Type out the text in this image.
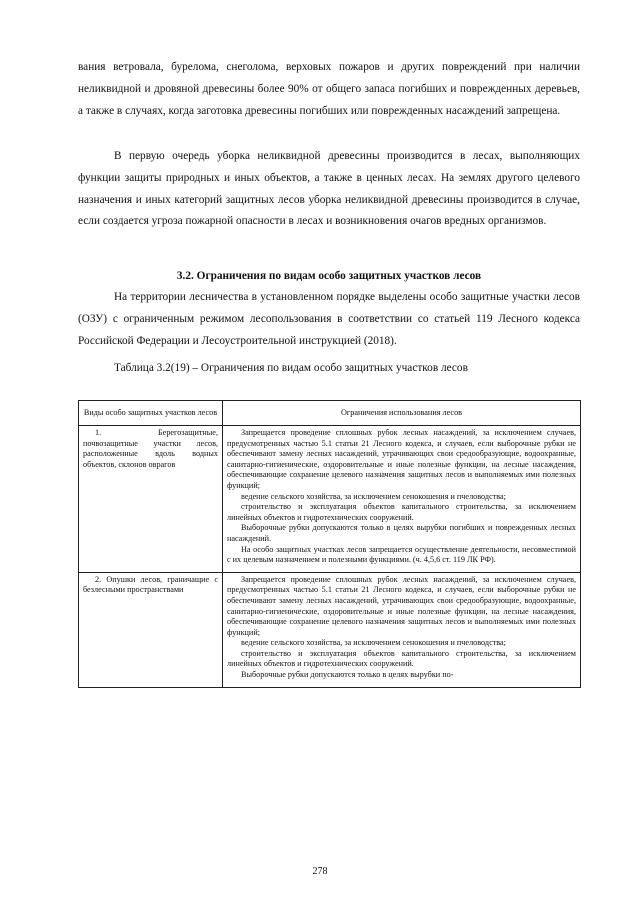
вания ветровала, бурелома, снеголома, верховых пожаров и других повреждений при наличии неликвидной и дровяной древесины более 90% от общего запаса погибших и поврежденных деревьев, а также в случаях, когда заготовка древесины погибших или поврежденных насаждений запрещена.
В первую очередь уборка неликвидной древесины производится в лесах, выполняющих функции защиты природных и иных объектов, а также в ценных лесах. На землях другого целевого назначения и иных категорий защитных лесов уборка неликвидной древесины производится в случае, если создается угроза пожарной опасности в лесах и возникновения очагов вредных организмов.
3.2. Ограничения по видам особо защитных участков лесов
На территории лесничества в установленном порядке выделены особо защитные участки лесов (ОЗУ) с ограниченным режимом лесопользования в соответствии со статьей 119 Лесного кодекса Российской Федерации и Лесоустроительной инструкцией (2018).
Таблица 3.2(19) – Ограничения по видам особо защитных участков лесов
Виды особо защитных участков лесов	Ограничения использования лесов
1. Берегозащитные, почвозащитные участки лесов, расположенные вдоль водных объектов, склонов оврагов	Запрещается проведение сплошных рубок лесных насаждений, за исключением случаев, предусмотренных частью 5.1 статьи 21 Лесного кодекса, и случаев, если выборочные рубки не обеспечивают замену лесных насаждений, утрачивающих свои средообразующие, водоохранные, санитарно-гигиенические, оздоровительные и иные полезные функции, на лесные насаждения, обеспечивающие сохранение целевого назначения защитных лесов и выполняемых ими полезных функций;
ведение сельского хозяйства, за исключением сенокошения и пчеловодства;
строительство и эксплуатация объектов капитального строительства, за исключением линейных объектов и гидротехнических сооружений.
Выборочные рубки допускаются только в целях вырубки погибших и поврежденных лесных насаждений.
На особо защитных участках лесов запрещается осуществление деятельности, несовместимой с их целевым назначением и полезными функциями. (ч. 4,5,6 ст. 119 ЛК РФ).

2. Опушки лесов, граничащие с безлесными пространствами	Запрещается проведение сплошных рубок лесных насаждений, за исключением случаев, предусмотренных частью 5.1 статьи 21 Лесного кодекса, и случаев, если выборочные рубки не обеспечивают замену лесных насаждений, утрачивающих свои средообразующие, водоохранные, санитарно-гигиенические, оздоровительные и иные полезные функции, на лесные насаждения, обеспечивающие сохранение целевого назначения защитных лесов и выполняемых ими полезных функций;
ведение сельского хозяйства, за исключением сенокошения и пчеловодства;
строительство и эксплуатация объектов капитального строительства, за исключением линейных объектов и гидротехнических сооружений.
Выборочные рубки допускаются только в целях вырубки по-
278
